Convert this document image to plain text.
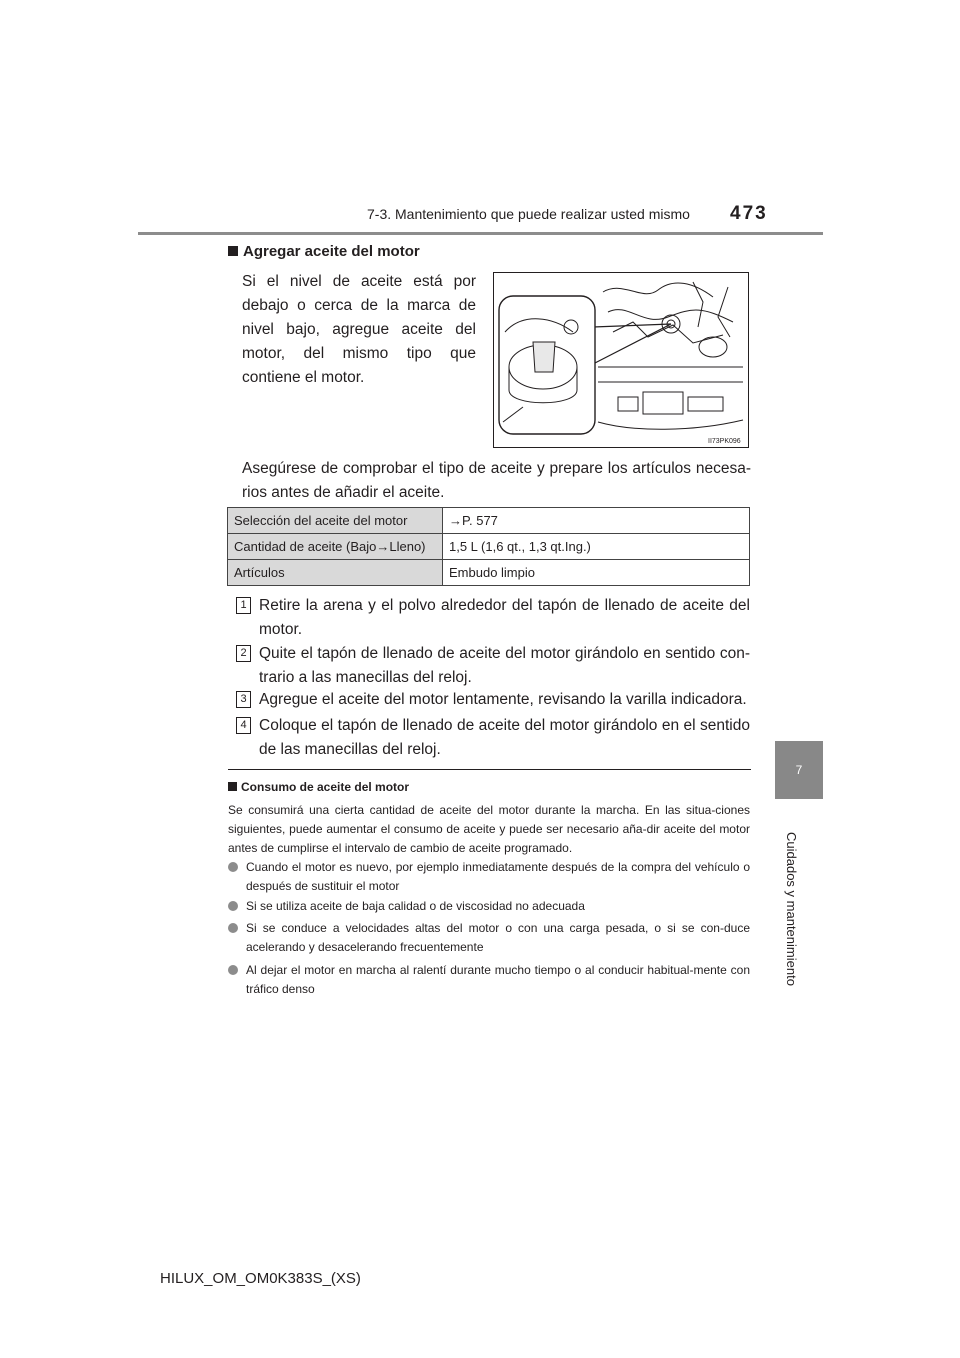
7-3. Mantenimiento que puede realizar usted mismo 473
7
Cuidados y mantenimiento
Agregar aceite del motor
Si el nivel de aceite está por debajo o cerca de la marca de nivel bajo, agregue aceite del motor, del mismo tipo que contiene el motor.
II73PK096
Asegúrese de comprobar el tipo de aceite y prepare los artículos necesa-rios antes de añadir el aceite.
Selección del aceite del motor	→P. 577
Cantidad de aceite (Bajo→Lleno)	1,5 L (1,6 qt., 1,3 qt.Ing.)
Artículos	Embudo limpio
1 Retire la arena y el polvo alrededor del tapón de llenado de aceite del motor.
2 Quite el tapón de llenado de aceite del motor girándolo en sentido con-trario a las manecillas del reloj.
3 Agregue el aceite del motor lentamente, revisando la varilla indicadora.
4 Coloque el tapón de llenado de aceite del motor girándolo en el sentido de las manecillas del reloj.
Consumo de aceite del motor
Se consumirá una cierta cantidad de aceite del motor durante la marcha. En las situa-ciones siguientes, puede aumentar el consumo de aceite y puede ser necesario aña-dir aceite del motor antes de cumplirse el intervalo de cambio de aceite programado.
Cuando el motor es nuevo, por ejemplo inmediatamente después de la compra del vehículo o después de sustituir el motor
Si se utiliza aceite de baja calidad o de viscosidad no adecuada
Si se conduce a velocidades altas del motor o con una carga pesada, o si se con-duce acelerando y desacelerando frecuentemente
Al dejar el motor en marcha al ralentí durante mucho tiempo o al conducir habitual-mente con tráfico denso
HILUX_OM_OM0K383S_(XS)
